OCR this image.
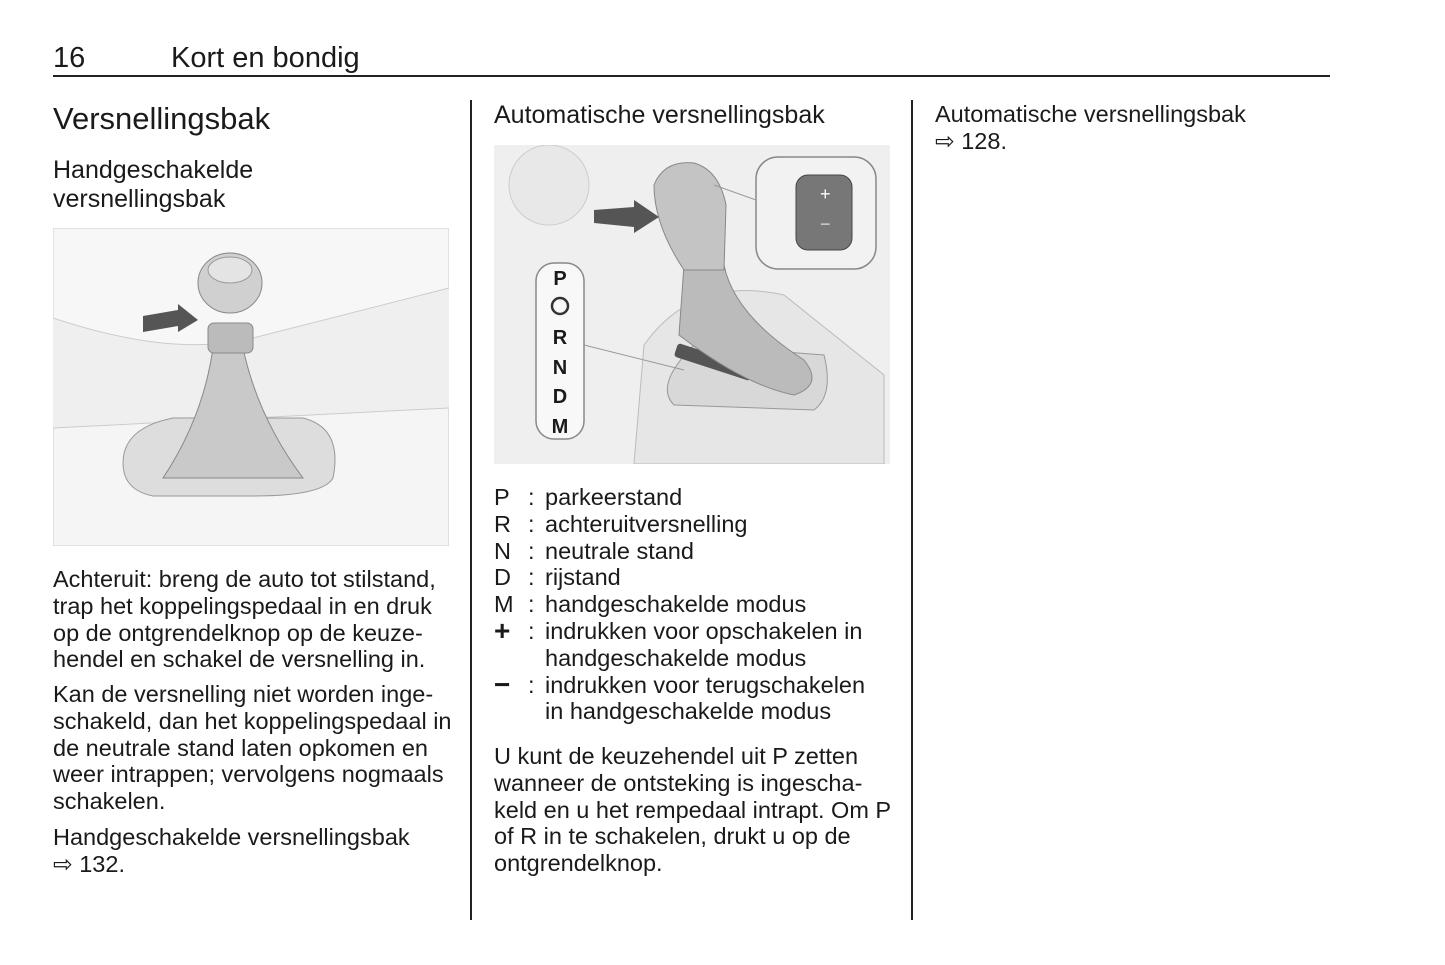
16	Kort en bondig
Versnellingsbak
Handgeschakelde versnellingsbak
Achteruit: breng de auto tot stilstand, trap het koppelingspedaal in en druk op de ontgrendelknop op de keuzehendel en schakel de versnelling in.
Kan de versnelling niet worden ingeschakeld, dan het koppelingspedaal in de neutrale stand laten opkomen en weer intrappen; vervolgens nogmaals schakelen.
Handgeschakelde versnellingsbak
⇨ 132.
Automatische versnellingsbak
+
−
P
R
N
D
M
P : parkeerstand
R : achteruitversnelling
N : neutrale stand
D : rijstand
M : handgeschakelde modus
+ : indrukken voor opschakelen in handgeschakelde modus
− : indrukken voor terugschakelen in handgeschakelde modus
U kunt de keuzehendel uit P zetten wanneer de ontsteking is ingeschakeld en u het rempedaal intrapt. Om P of R in te schakelen, drukt u op de ontgrendelknop.
Automatische versnellingsbak
⇨ 128.
